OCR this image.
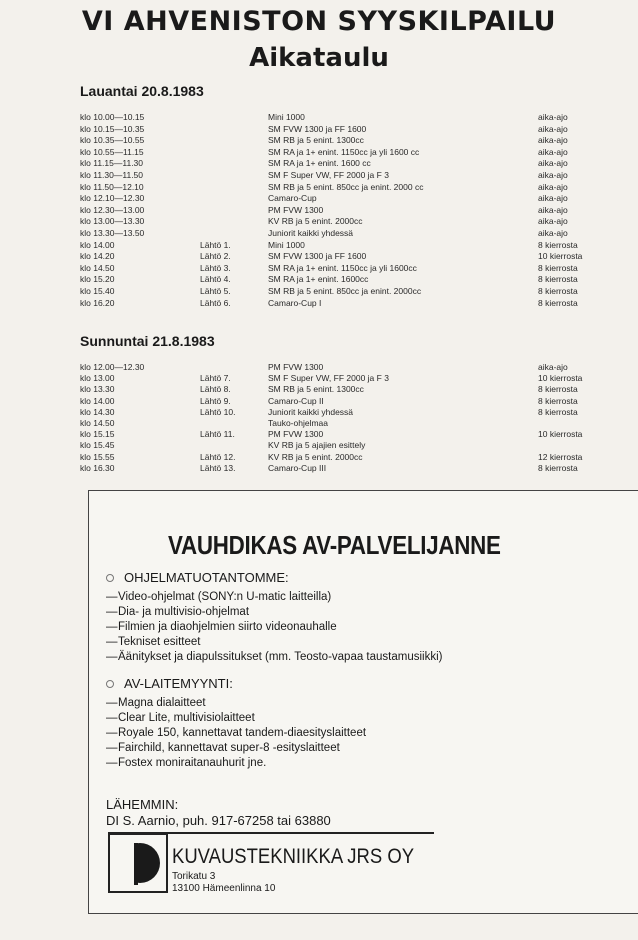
VI AHVENISTON SYYSKILPAILU
Aikataulu
Lauantai 20.8.1983
klo 10.00—10.15	Mini 1000	aika-ajo
klo 10.15—10.35	SM FVW 1300 ja FF 1600	aika-ajo
klo 10.35—10.55	SM RB ja 5 enint. 1300cc	aika-ajo
klo 10.55—11.15	SM RA ja 1+ enint. 1150cc ja yli 1600 cc	aika-ajo
klo 11.15—11.30	SM RA ja 1+ enint. 1600 cc	aika-ajo
klo 11.30—11.50	SM F Super VW, FF 2000 ja F 3	aika-ajo
klo 11.50—12.10	SM RB ja 5 enint. 850cc ja enint. 2000 cc	aika-ajo
klo 12.10—12.30	Camaro-Cup	aika-ajo
klo 12.30—13.00	PM FVW 1300	aika-ajo
klo 13.00—13.30	KV RB ja 5 enint. 2000cc	aika-ajo
klo 13.30—13.50	Juniorit kaikki yhdessä	aika-ajo
klo 14.00	Lähtö 1.	Mini 1000	8 kierrosta
klo 14.20	Lähtö 2.	SM FVW 1300 ja FF 1600	10 kierrosta
klo 14.50	Lähtö 3.	SM RA ja 1+ enint. 1150cc ja yli 1600cc	8 kierrosta
klo 15.20	Lähtö 4.	SM RA ja 1+ enint. 1600cc	8 kierrosta
klo 15.40	Lähtö 5.	SM RB ja 5 enint. 850cc ja enint. 2000cc	8 kierrosta
klo 16.20	Lähtö 6.	Camaro-Cup I	8 kierrosta
Sunnuntai 21.8.1983
klo 12.00—12.30	PM FVW 1300	aika-ajo
klo 13.00	Lähtö 7.	SM F Super VW, FF 2000 ja F 3	10 kierrosta
klo 13.30	Lähtö 8.	SM RB ja 5 enint. 1300cc	8 kierrosta
klo 14.00	Lähtö 9.	Camaro-Cup II	8 kierrosta
klo 14.30	Lähtö 10.	Juniorit kaikki yhdessä	8 kierrosta
klo 14.50	Tauko-ohjelmaa
klo 15.15	Lähtö 11.	PM FVW 1300	10 kierrosta
klo 15.45	KV RB ja 5 ajajien esittely
klo 15.55	Lähtö 12.	KV RB ja 5 enint. 2000cc	12 kierrosta
klo 16.30	Lähtö 13.	Camaro-Cup III	8 kierrosta
VAUHDIKAS AV-PALVELIJANNE
OHJELMATUOTANTOMME:
—Video-ohjelmat (SONY:n U-matic laitteilla)
—Dia- ja multivisio-ohjelmat
—Filmien ja diaohjelmien siirto videonauhalle
—Tekniset esitteet
—Äänitykset ja diapulssitukset (mm. Teosto-vapaa taustamusiikki)
AV-LAITEMYYNTI:
—Magna dialaitteet
—Clear Lite, multivisiolaitteet
—Royale 150, kannettavat tandem-diaesityslaitteet
—Fairchild, kannettavat super-8 -esityslaitteet
—Fostex moniraitanauhurit jne.
LÄHEMMIN:
DI S. Aarnio, puh. 917-67258 tai 63880
KUVAUSTEKNIIKKA JRS OY
Torikatu 3
13100 Hämeenlinna 10
